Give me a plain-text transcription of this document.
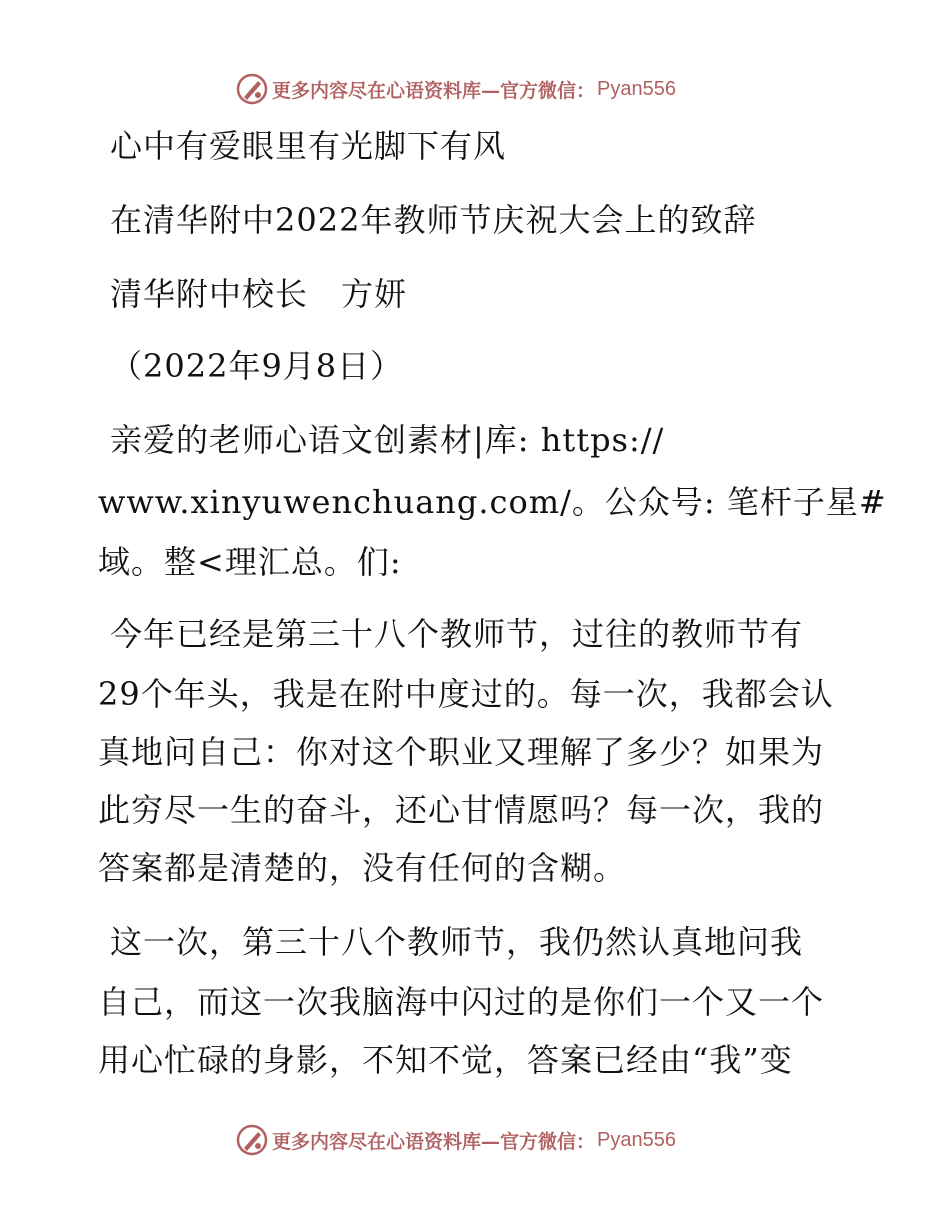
更多内容尽在心语资料库—官方微信： Pyan556
心中有爱眼里有光脚下有风
在清华附中2022年教师节庆祝大会上的致辞
清华附中校长　方妍
（2022年9月8日）
亲爱的老师心语文创素材|库: https://
www.xinyuwenchuang.com/。公众号: 笔杆子星#
域。整<理汇总。们:
今年已经是第三十八个教师节，过往的教师节有
29个年头，我是在附中度过的。每一次，我都会认
真地问自己：你对这个职业又理解了多少？如果为
此穷尽一生的奋斗，还心甘情愿吗？每一次，我的
答案都是清楚的，没有任何的含糊。
这一次，第三十八个教师节，我仍然认真地问我
自己，而这一次我脑海中闪过的是你们一个又一个
用心忙碌的身影，不知不觉，答案已经由“我”变
更多内容尽在心语资料库—官方微信： Pyan556
